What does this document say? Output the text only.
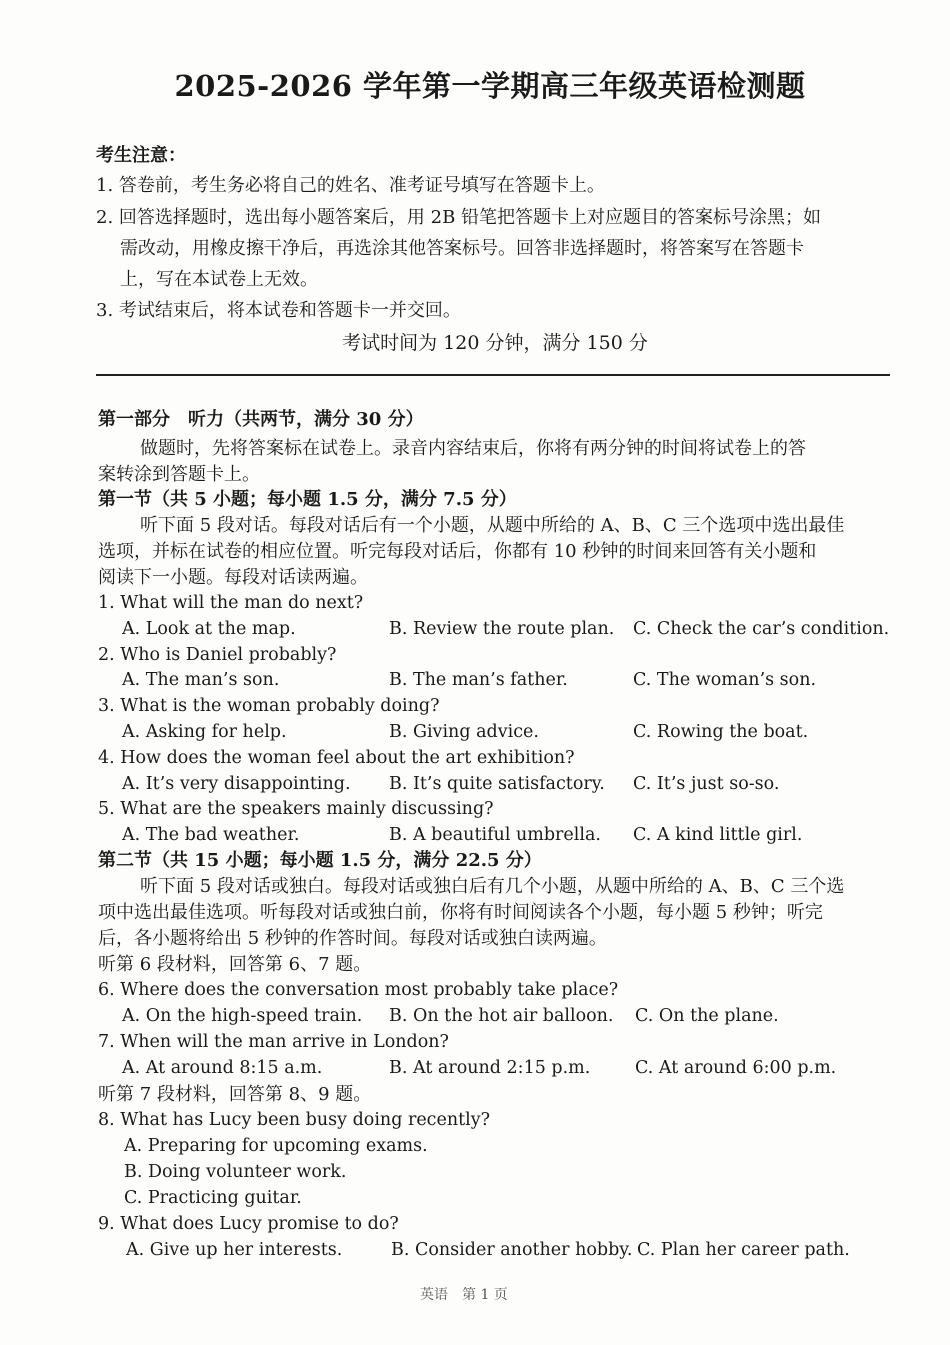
2025-2026 学年第一学期高三年级英语检测题
考生注意：
1. 答卷前，考生务必将自己的姓名、准考证号填写在答题卡上。
2. 回答选择题时，选出每小题答案后，用 2B 铅笔把答题卡上对应题目的答案标号涂黑；如
需改动，用橡皮擦干净后，再选涂其他答案标号。回答非选择题时，将答案写在答题卡
上，写在本试卷上无效。
3. 考试结束后，将本试卷和答题卡一并交回。
考试时间为 120 分钟，满分 150 分
第一部分　听力（共两节，满分 30 分）
做题时，先将答案标在试卷上。录音内容结束后，你将有两分钟的时间将试卷上的答
案转涂到答题卡上。
第一节（共 5 小题；每小题 1.5 分，满分 7.5 分）
听下面 5 段对话。每段对话后有一个小题，从题中所给的 A、B、C 三个选项中选出最佳
选项，并标在试卷的相应位置。听完每段对话后，你都有 10 秒钟的时间来回答有关小题和
阅读下一小题。每段对话读两遍。
1. What will the man do next?
A. Look at the map.	B. Review the route plan. C. Check the car’s condition.
2. Who is Daniel probably?
A. The man’s son.	B. The man’s father.	C. The woman’s son.
3. What is the woman probably doing?
A. Asking for help.	B. Giving advice.	C. Rowing the boat.
4. How does the woman feel about the art exhibition?
A. It’s very disappointing. B. It’s quite satisfactory. C. It’s just so-so.
5. What are the speakers mainly discussing?
A. The bad weather.	B. A beautiful umbrella. C. A kind little girl.
第二节（共 15 小题；每小题 1.5 分，满分 22.5 分）
听下面 5 段对话或独白。每段对话或独白后有几个小题，从题中所给的 A、B、C 三个选
项中选出最佳选项。听每段对话或独白前，你将有时间阅读各个小题，每小题 5 秒钟；听完
后，各小题将给出 5 秒钟的作答时间。每段对话或独白读两遍。
听第 6 段材料，回答第 6、7 题。
6. Where does the conversation most probably take place?
A. On the high-speed train. B. On the hot air balloon. C. On the plane.
7. When will the man arrive in London?
A. At around 8:15 a.m.	B. At around 2:15 p.m.	C. At around 6:00 p.m.
听第 7 段材料，回答第 8、9 题。
8. What has Lucy been busy doing recently?
A. Preparing for upcoming exams.
B. Doing volunteer work.
C. Practicing guitar.
9. What does Lucy promise to do?
A. Give up her interests.	B. Consider another hobby. C. Plan her career path.
英语　第 1 页
